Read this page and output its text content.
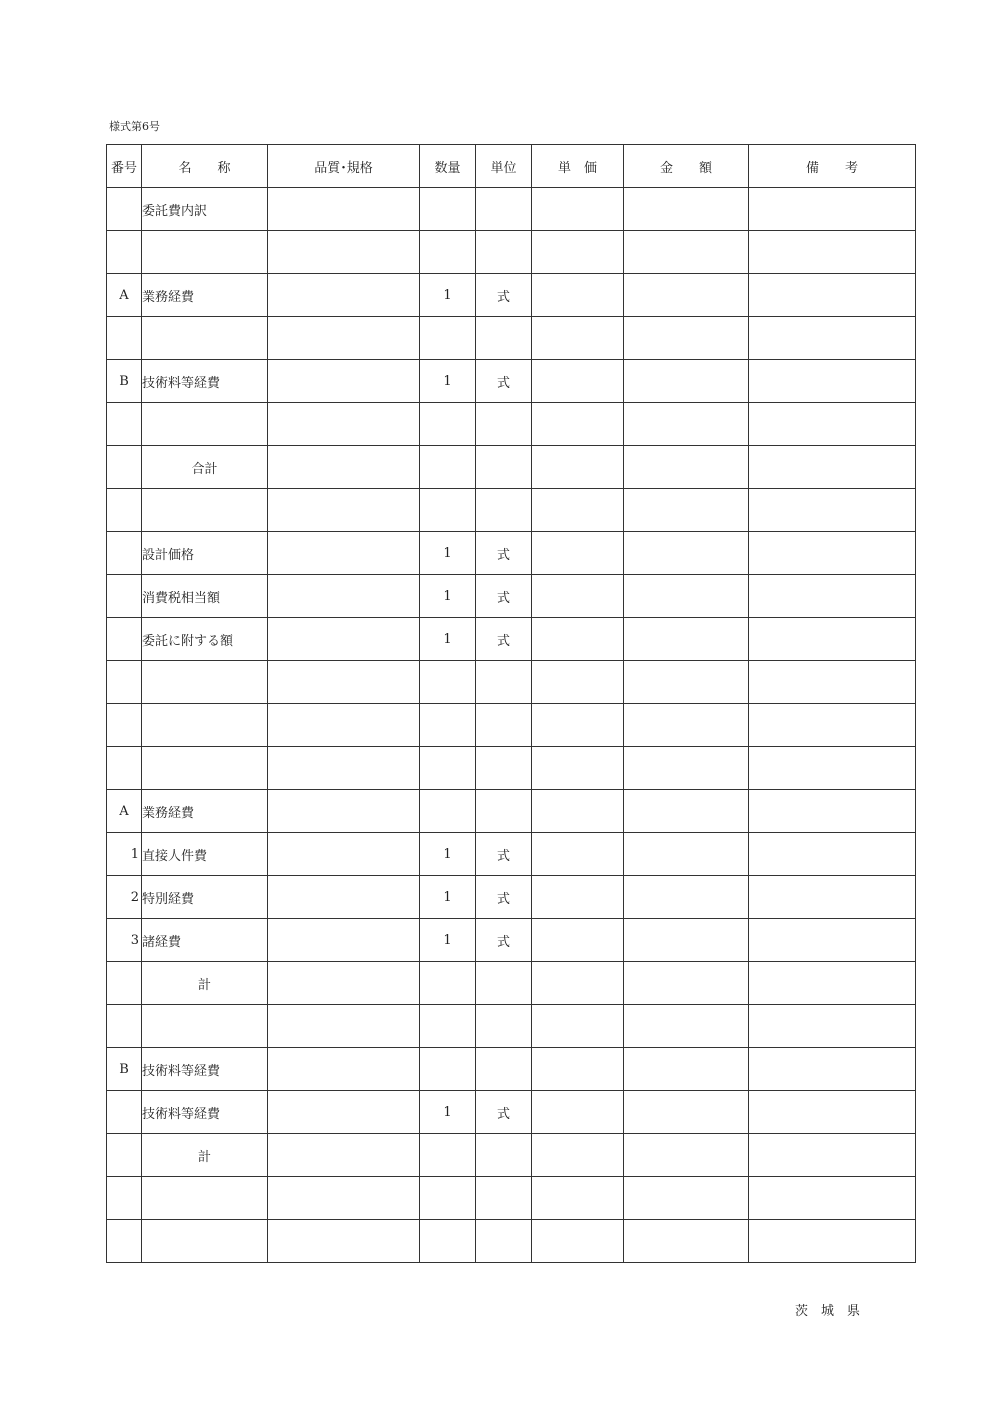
様式第6号
番号	名　　称	品質･規格	数量	単位	単　価	金　　額	備　　考
	委託費内訳						

A	業務経費		1	式			

B	技術料等経費		1	式			

	合計						

	設計価格		1	式			
	消費税相当額		1	式			
	委託に附する額		1	式			

A	業務経費						
1	直接人件費		1	式			
2	特別経費		1	式			
3	諸経費		1	式			
	計						

B	技術料等経費						
	技術料等経費		1	式			
	計						

茨　城　県
